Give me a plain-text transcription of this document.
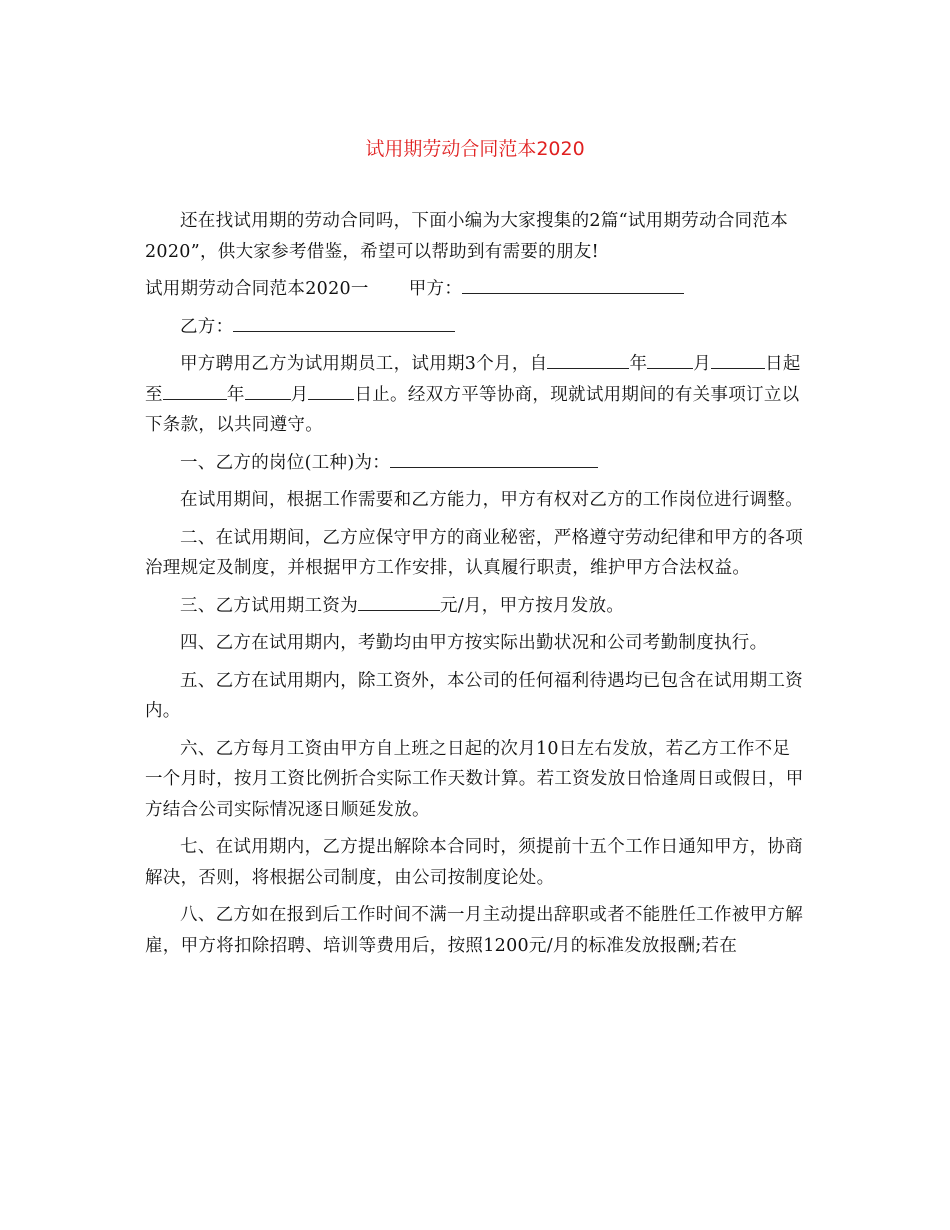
试用期劳动合同范本2020

还在找试用期的劳动合同吗，下面小编为大家搜集的2篇“试用期劳动合同范本2020”，供大家参考借鉴，希望可以帮助到有需要的朋友!

试用期劳动合同范本2020一 甲方：
乙方：

甲方聘用乙方为试用期员工，试用期3个月，自	年	月	日起至	年	月	日止。经双方平等协商，现就试用期间的有关事项订立以下条款，以共同遵守。

一、乙方的岗位(工种)为：

在试用期间，根据工作需要和乙方能力，甲方有权对乙方的工作岗位进行调整。

二、在试用期间，乙方应保守甲方的商业秘密，严格遵守劳动纪律和甲方的各项治理规定及制度，并根据甲方工作安排，认真履行职责，维护甲方合法权益。

三、乙方试用期工资为	元/月，甲方按月发放。

四、乙方在试用期内，考勤均由甲方按实际出勤状况和公司考勤制度执行。

五、乙方在试用期内，除工资外，本公司的任何福利待遇均已包含在试用期工资内。

六、乙方每月工资由甲方自上班之日起的次月10日左右发放，若乙方工作不足一个月时，按月工资比例折合实际工作天数计算。若工资发放日恰逢周日或假日，甲方结合公司实际情况逐日顺延发放。

七、在试用期内，乙方提出解除本合同时，须提前十五个工作日通知甲方，协商解决，否则，将根据公司制度，由公司按制度论处。

八、乙方如在报到后工作时间不满一月主动提出辞职或者不能胜任工作被甲方解雇，甲方将扣除招聘、培训等费用后，按照1200元/月的标准发放报酬;若在
